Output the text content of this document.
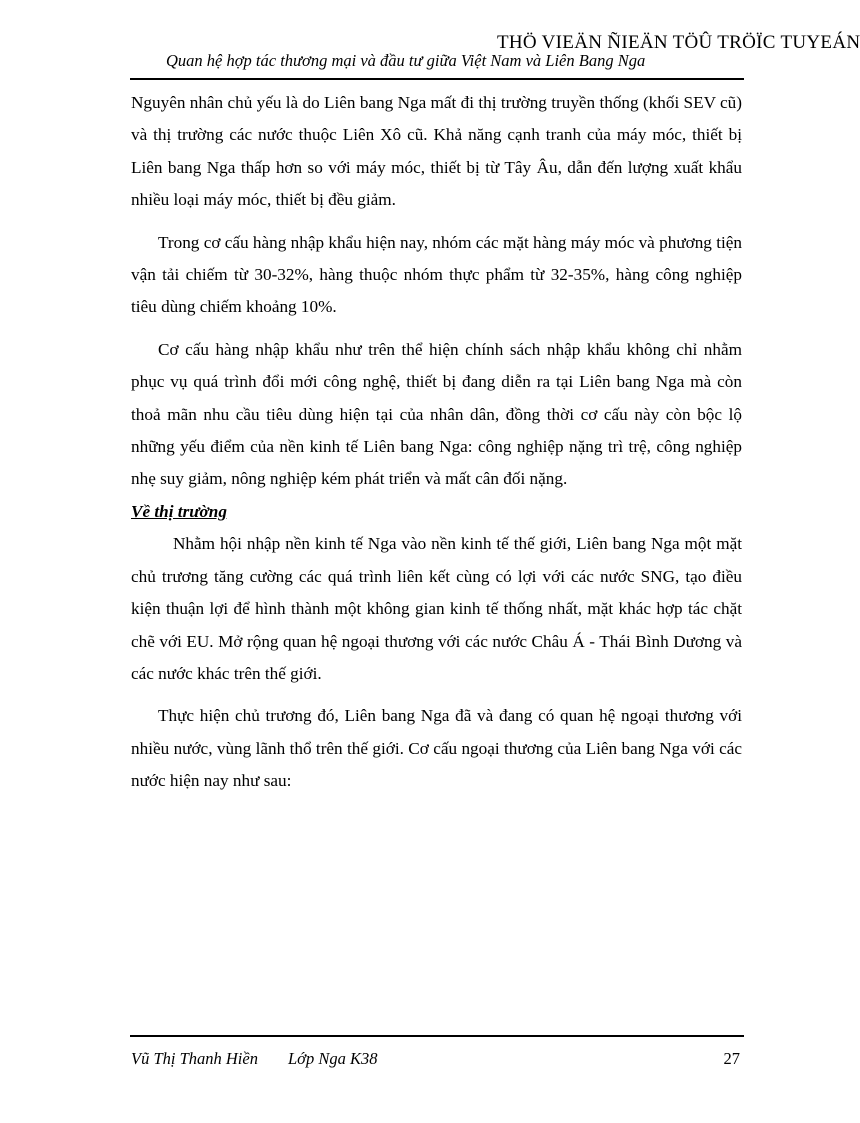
THÖ VIEÄN ÑIEÄN TÖÛ TRÖÏC TUYEÁN
Quan hệ hợp tác thương mại và đầu tư giữa Việt Nam và Liên Bang Nga

Nguyên nhân chủ yếu là do Liên bang Nga mất đi thị trường truyền thống (khối SEV cũ) và thị trường các nước thuộc Liên Xô cũ. Khả năng cạnh tranh của máy móc, thiết bị Liên bang Nga thấp hơn so với máy móc, thiết bị từ Tây Âu, dẫn đến lượng xuất khẩu nhiều loại máy móc, thiết bị đều giảm.

Trong cơ cấu hàng nhập khẩu hiện nay, nhóm các mặt hàng máy móc và phương tiện vận tải chiếm từ 30-32%, hàng thuộc nhóm thực phẩm từ 32-35%, hàng công nghiệp tiêu dùng chiếm khoảng 10%.

Cơ cấu hàng nhập khẩu như trên thể hiện chính sách nhập khẩu không chỉ nhằm phục vụ quá trình đổi mới công nghệ, thiết bị đang diễn ra tại Liên bang Nga mà còn thoả mãn nhu cầu tiêu dùng hiện tại của nhân dân, đồng thời cơ cấu này còn bộc lộ những yếu điểm của nền kinh tế Liên bang Nga: công nghiệp nặng trì trệ, công nghiệp nhẹ suy giảm, nông nghiệp kém phát triển và mất cân đối nặng.

Về thị trường

Nhằm hội nhập nền kinh tế Nga vào nền kinh tế thế giới, Liên bang Nga một mặt chủ trương tăng cường các quá trình liên kết cùng có lợi với các nước SNG, tạo điều kiện thuận lợi để hình thành một không gian kinh tế thống nhất, mặt khác hợp tác chặt chẽ với EU. Mở rộng quan hệ ngoại thương với các nước Châu Á - Thái Bình Dương và các nước khác trên thế giới.

Thực hiện chủ trương đó, Liên bang Nga đã và đang có quan hệ ngoại thương với nhiều nước, vùng lãnh thổ trên thế giới. Cơ cấu ngoại thương của Liên bang Nga với các nước hiện nay như sau:

Vũ Thị Thanh Hiền Lớp Nga K38	27
